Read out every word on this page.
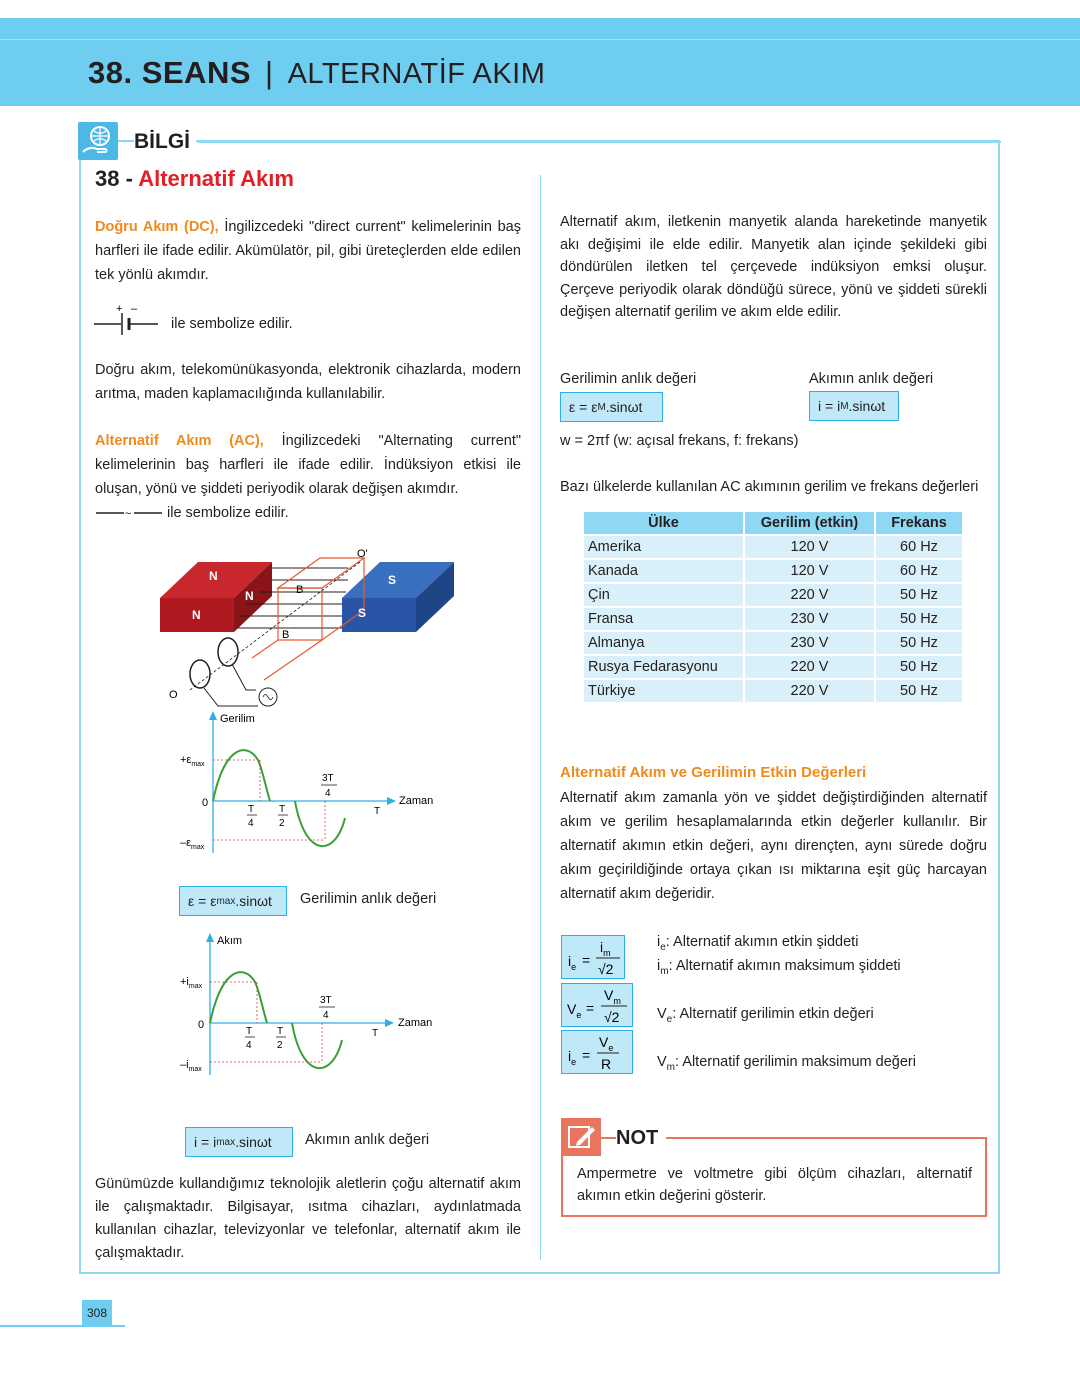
38. SEANS | ALTERNATİF AKIM
BİLGİ
38 - Alternatif Akım
Doğru Akım (DC), İngilizcedeki "direct current" kelimelerinin baş harfleri ile ifade edilir. Akümülatör, pil, gibi üreteçlerden elde edilen tek yönlü akımdır.
+ –
ile sembolize edilir.
Doğru akım, telekomünükasyonda, elektronik cihazlarda, modern arıtma, maden kaplamacılığında kullanılabilir.
Alternatif Akım (AC), İngilizcedeki "Alternating current" kelimelerinin baş harfleri ile ifade edilir. İndüksiyon etkisi ile oluşan, yönü ve şiddeti periyodik olarak değişen akımdır.
~ ile sembolize edilir.
N
N
N
S
S
B
B
O'
O
Gerilim
Zaman
$+\varepsilon_{max}$
$-\varepsilon_{max}$
0
T
4
T
2
3T
4
T
ε = ε max .sinωt Gerilimin anlık değeri
Akım
Zaman
$+i_{max}$
$-i_{max}$
0
T
4
T
2
3T
4
T
i = i max .sinωt Akımın anlık değeri
Günümüzde kullandığımız teknolojik aletlerin çoğu alternatif akım ile çalışmaktadır. Bilgisayar, ısıtma cihazları, aydınlatmada kullanılan cihazlar, televizyonlar ve telefonlar, alternatif akım ile çalışmaktadır.
Alternatif akım, iletkenin manyetik alanda hareketinde manyetik akı değişimi ile elde edilir. Manyetik alan içinde şekildeki gibi döndürülen iletken tel çerçevede indüksiyon emksi oluşur. Çerçeve periyodik olarak döndüğü sürece, yönü ve şiddeti sürekli değişen alternatif gerilim ve akım elde edilir.
Gerilimin anlık değeri
ε = ε M .sinωt
Akımın anlık değeri
i = i M .sinωt
w = 2πf (w: açısal frekans, f: frekans)
Bazı ülkelerde kullanılan AC akımının gerilim ve frekans değerleri
Ülke	Gerilim (etkin)	Frekans
Amerika	120 V	60 Hz
Kanada	120 V	60 Hz
Çin	220 V	50 Hz
Fransa	230 V	50 Hz
Almanya	230 V	50 Hz
Rusya Fedarasyonu	220 V	50 Hz
Türkiye	220 V	50 Hz
Alternatif Akım ve Gerilimin Etkin Değerleri
Alternatif akım zamanla yön ve şiddet değiştirdiğinden alternatif akım ve gerilim hesaplamalarında etkin değerler kullanılır. Bir alternatif akımın etkin değeri, aynı dirençten, aynı sürede doğru akım geçirildiğinde ortaya çıkan ısı miktarına eşit güç harcayan alternatif akım değeridir.
$i_e$ =
$i_m$
√2
$V_e$ =
$V_m$
√2
$i_e$ =
$V_e$
R
$i_e$: Alternatif akımın etkin şiddeti
$i_m$: Alternatif akımın maksimum şiddeti
$V_e$: Alternatif gerilimin etkin değeri
$V_m$: Alternatif gerilimin maksimum değeri
NOT
Ampermetre ve voltmetre gibi ölçüm cihazları, alternatif akımın etkin değerini gösterir.
308
